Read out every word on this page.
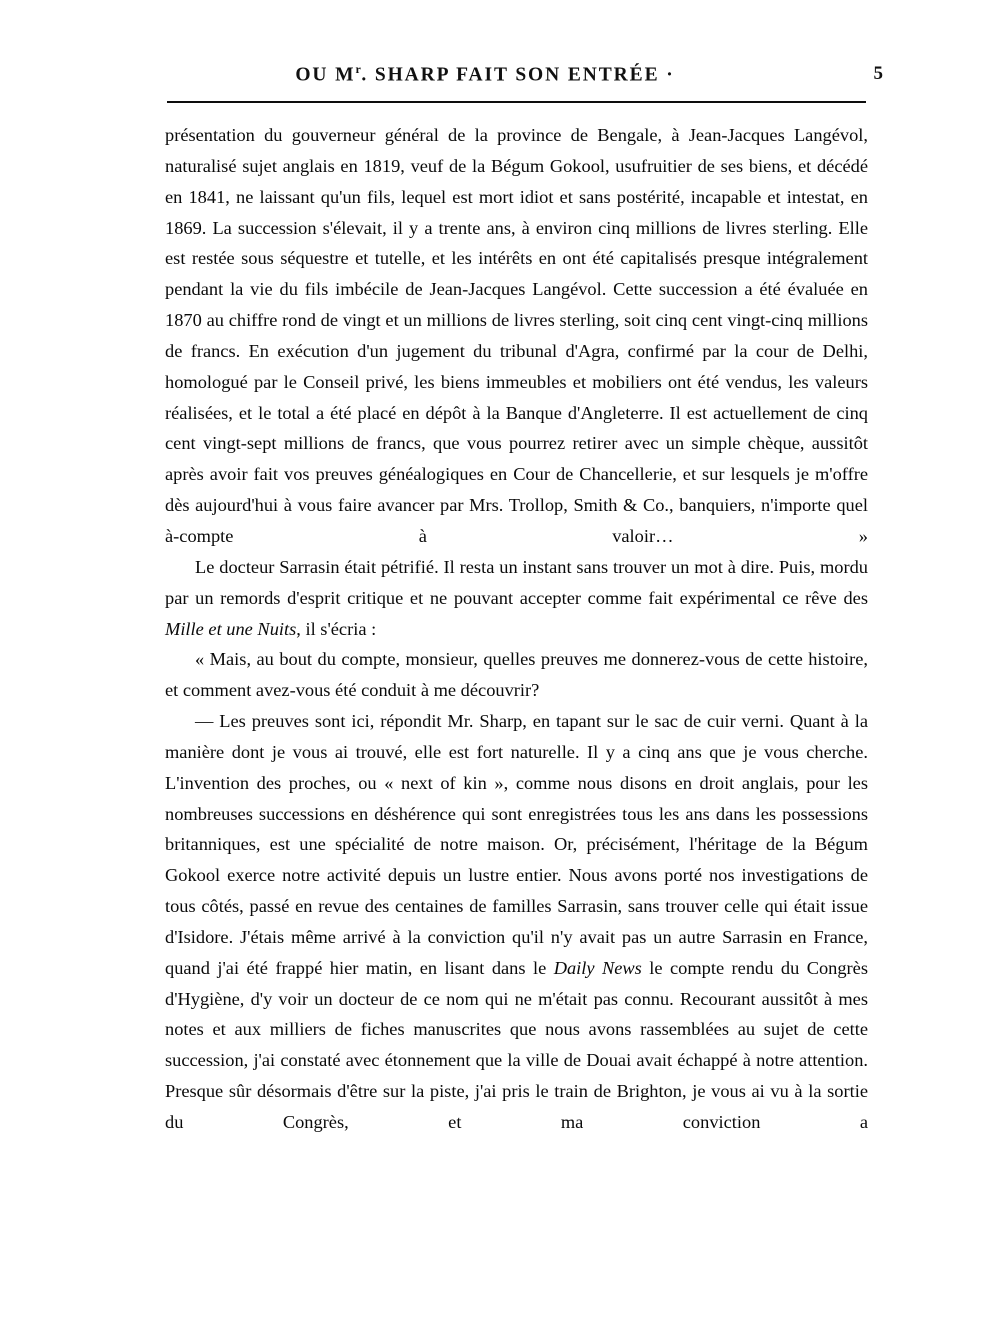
OU $M^r$. SHARP FAIT SON ENTRÉE ·	5

présentation du gouverneur général de la province de Bengale, à Jean-Jacques Langévol, naturalisé sujet anglais en 1819, veuf de la Bégum Gokool, usufruitier de ses biens, et décédé en 1841, ne laissant qu'un fils, lequel est mort idiot et sans postérité, incapable et intestat, en 1869. La succession s'élevait, il y a trente ans, à environ cinq millions de livres sterling. Elle est restée sous séquestre et tutelle, et les intérêts en ont été capitalisés presque intégralement pendant la vie du fils imbécile de Jean-Jacques Langévol. Cette succession a été évaluée en 1870 au chiffre rond de vingt et un millions de livres sterling, soit cinq cent vingt-cinq millions de francs. En exécution d'un jugement du tribunal d'Agra, confirmé par la cour de Delhi, homologué par le Conseil privé, les biens immeubles et mobiliers ont été vendus, les valeurs réalisées, et le total a été placé en dépôt à la Banque d'Angleterre. Il est actuellement de cinq cent vingt-sept millions de francs, que vous pourrez retirer avec un simple chèque, aussitôt après avoir fait vos preuves généalogiques en Cour de Chancellerie, et sur lesquels je m'offre dès aujourd'hui à vous faire avancer par Mrs. Trollop, Smith & Co., banquiers, n'importe quel à-compte à valoir… »

Le docteur Sarrasin était pétrifié. Il resta un instant sans trouver un mot à dire. Puis, mordu par un remords d'esprit critique et ne pouvant accepter comme fait expérimental ce rêve des Mille et une Nuits, il s'écria :

« Mais, au bout du compte, monsieur, quelles preuves me donnerez-vous de cette histoire, et comment avez-vous été conduit à me découvrir?

— Les preuves sont ici, répondit Mr. Sharp, en tapant sur le sac de cuir verni. Quant à la manière dont je vous ai trouvé, elle est fort naturelle. Il y a cinq ans que je vous cherche. L'invention des proches, ou « next of kin », comme nous disons en droit anglais, pour les nombreuses successions en déshérence qui sont enregistrées tous les ans dans les possessions britanniques, est une spécialité de notre maison. Or, précisément, l'héritage de la Bégum Gokool exerce notre activité depuis un lustre entier. Nous avons porté nos investigations de tous côtés, passé en revue des centaines de familles Sarrasin, sans trouver celle qui était issue d'Isidore. J'étais même arrivé à la conviction qu'il n'y avait pas un autre Sarrasin en France, quand j'ai été frappé hier matin, en lisant dans le Daily News le compte rendu du Congrès d'Hygiène, d'y voir un docteur de ce nom qui ne m'était pas connu. Recourant aussitôt à mes notes et aux milliers de fiches manuscrites que nous avons rassemblées au sujet de cette succession, j'ai constaté avec étonnement que la ville de Douai avait échappé à notre attention. Presque sûr désormais d'être sur la piste, j'ai pris le train de Brighton, je vous ai vu à la sortie du Congrès, et ma conviction a
